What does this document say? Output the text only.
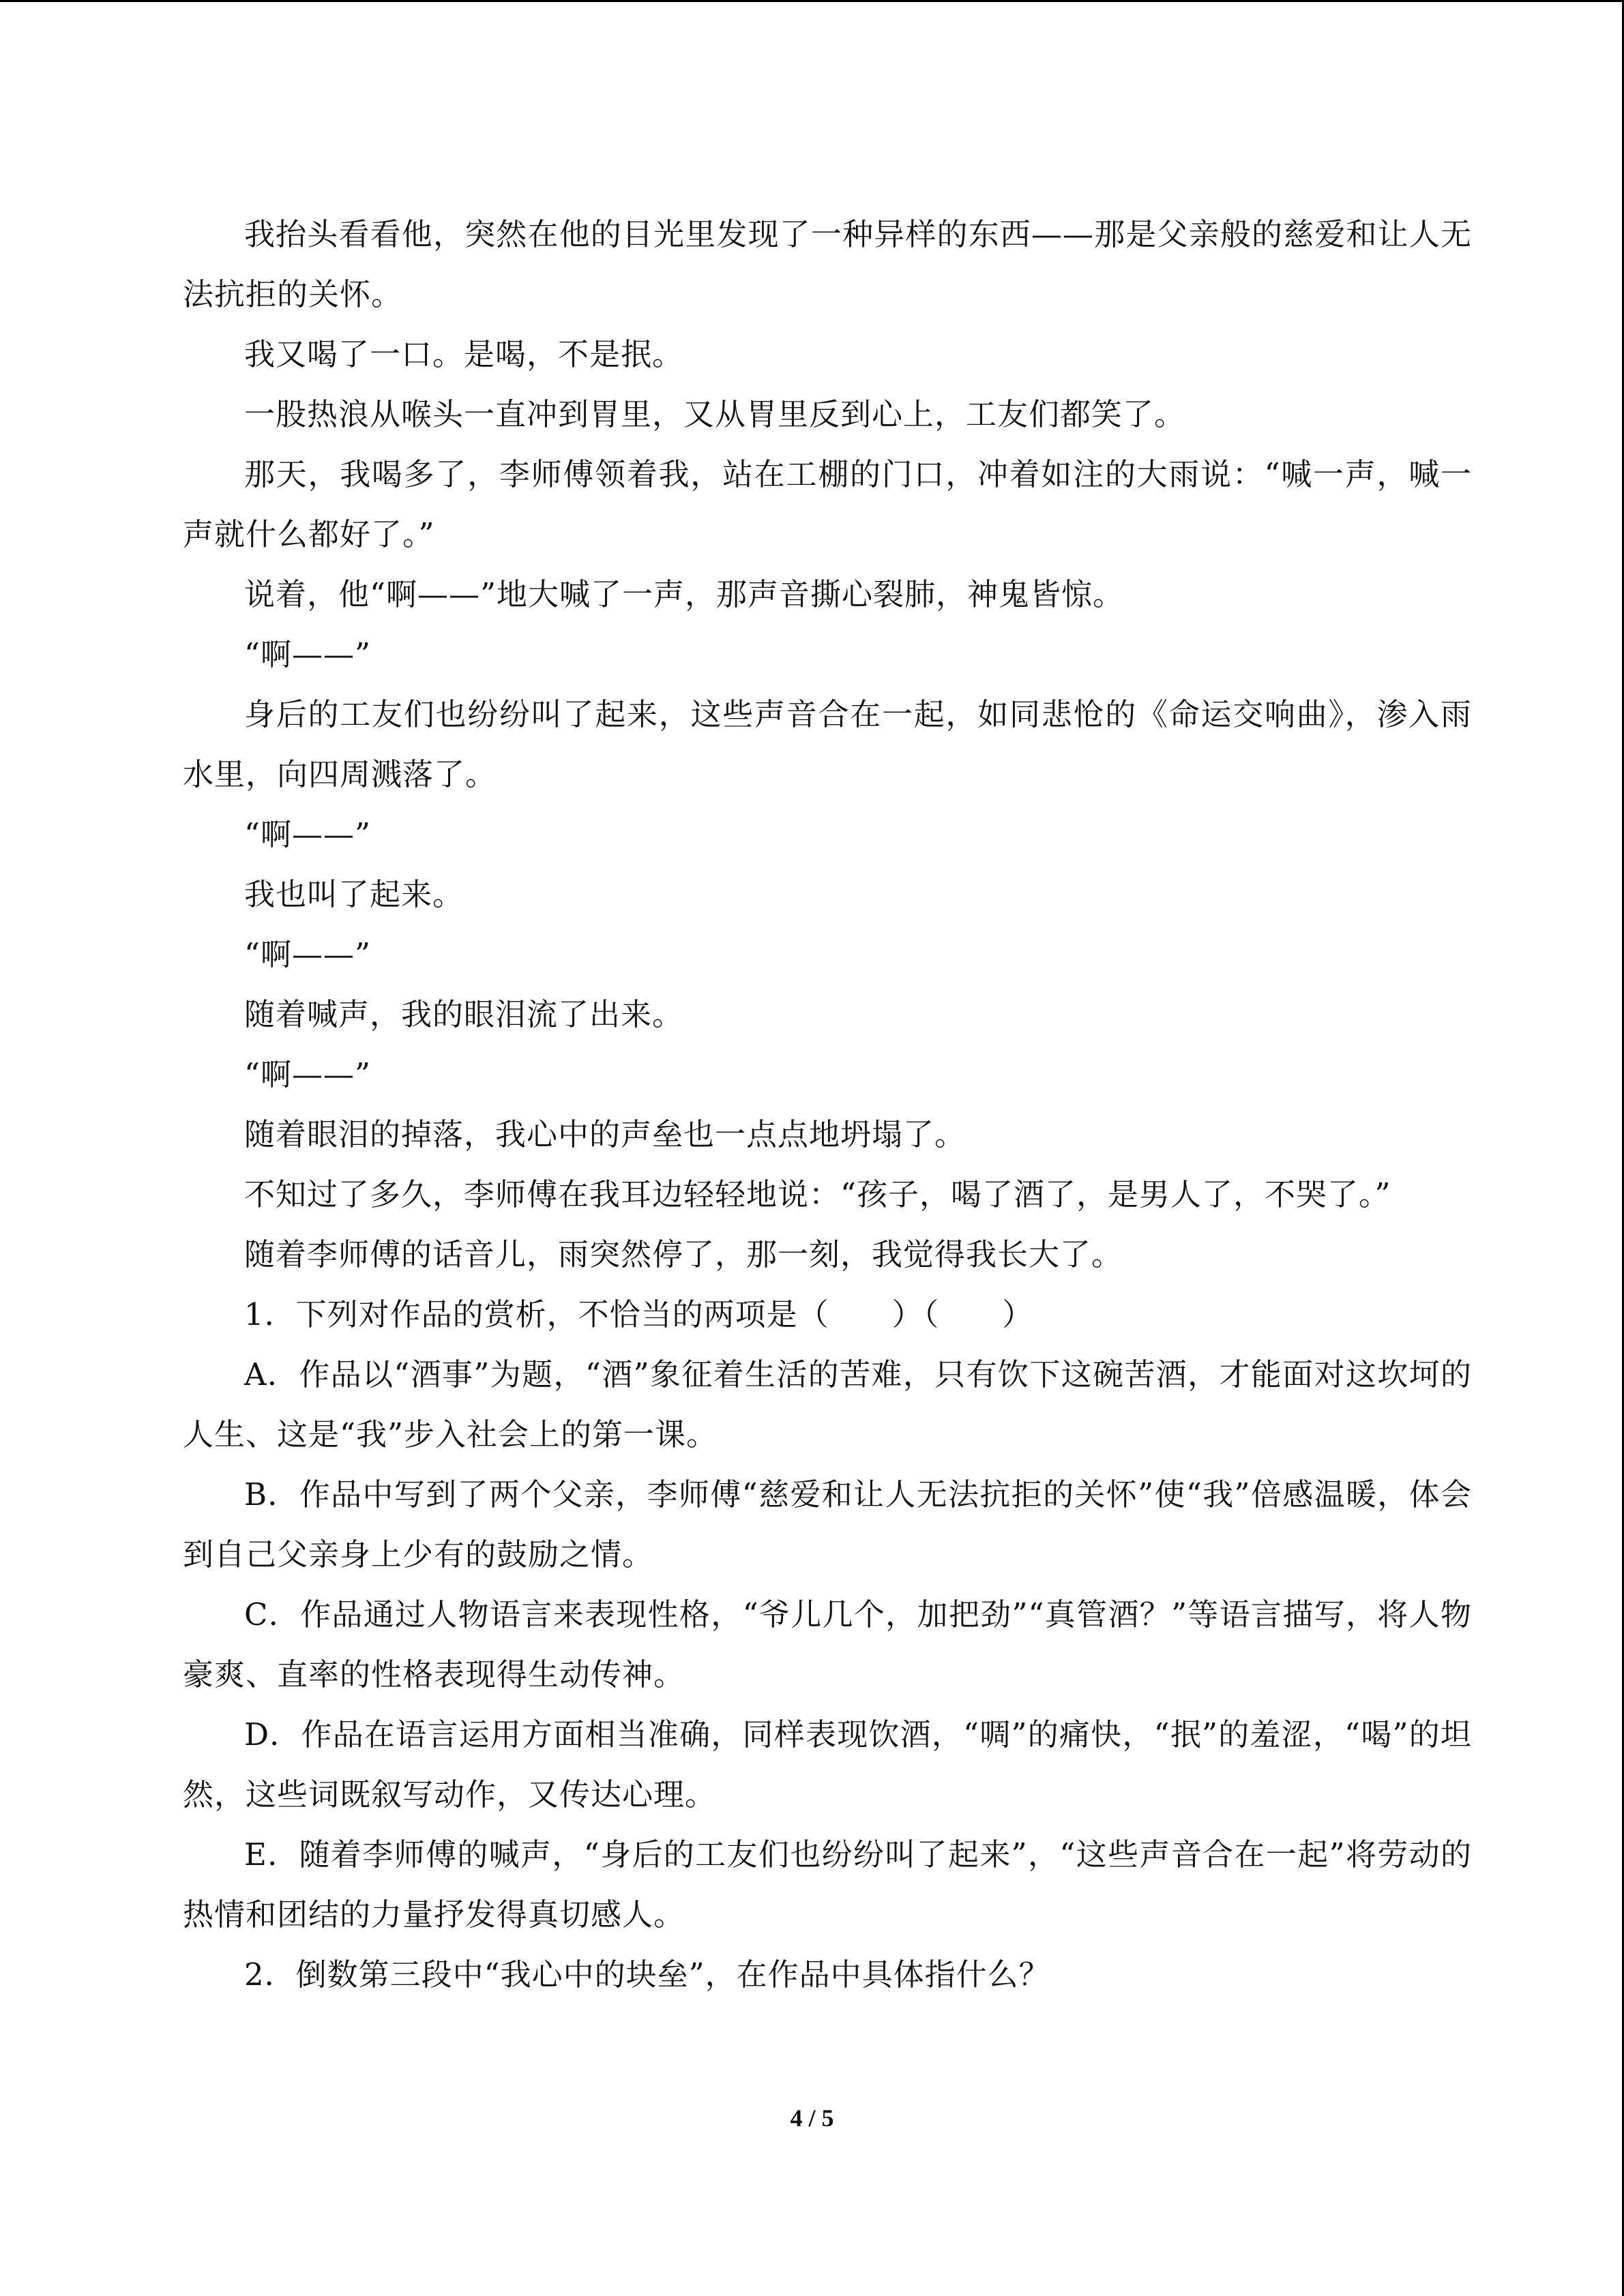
我抬头看看他，突然在他的目光里发现了一种异样的东西——那是父亲般的慈爱和让人无法抗拒的关怀。

我又喝了一口。是喝，不是抿。

一股热浪从喉头一直冲到胃里，又从胃里反到心上，工友们都笑了。

那天，我喝多了，李师傅领着我，站在工棚的门口，冲着如注的大雨说：“喊一声，喊一声就什么都好了。”

说着，他“啊——”地大喊了一声，那声音撕心裂肺，神鬼皆惊。

“啊——”

身后的工友们也纷纷叫了起来，这些声音合在一起，如同悲怆的《命运交响曲》，渗入雨水里，向四周溅落了。

“啊——”

我也叫了起来。

“啊——”

随着喊声，我的眼泪流了出来。

“啊——”

随着眼泪的掉落，我心中的声垒也一点点地坍塌了。

不知过了多久，李师傅在我耳边轻轻地说：“孩子，喝了酒了，是男人了，不哭了。”

随着李师傅的话音儿，雨突然停了，那一刻，我觉得我长大了。

1．下列对作品的赏析，不恰当的两项是（　　）（　　）

A．作品以“酒事”为题，“酒”象征着生活的苦难，只有饮下这碗苦酒，才能面对这坎坷的人生、这是“我”步入社会上的第一课。

B．作品中写到了两个父亲，李师傅“慈爱和让人无法抗拒的关怀”使“我”倍感温暖，体会到自己父亲身上少有的鼓励之情。

C．作品通过人物语言来表现性格，“爷儿几个，加把劲”“真管酒？”等语言描写，将人物豪爽、直率的性格表现得生动传神。

D．作品在语言运用方面相当准确，同样表现饮酒，“啁”的痛快，“抿”的羞涩，“喝”的坦然，这些词既叙写动作，又传达心理。

E．随着李师傅的喊声，“身后的工友们也纷纷叫了起来”，“这些声音合在一起”将劳动的热情和团结的力量抒发得真切感人。

2．倒数第三段中“我心中的块垒”，在作品中具体指什么？

4 / 5
